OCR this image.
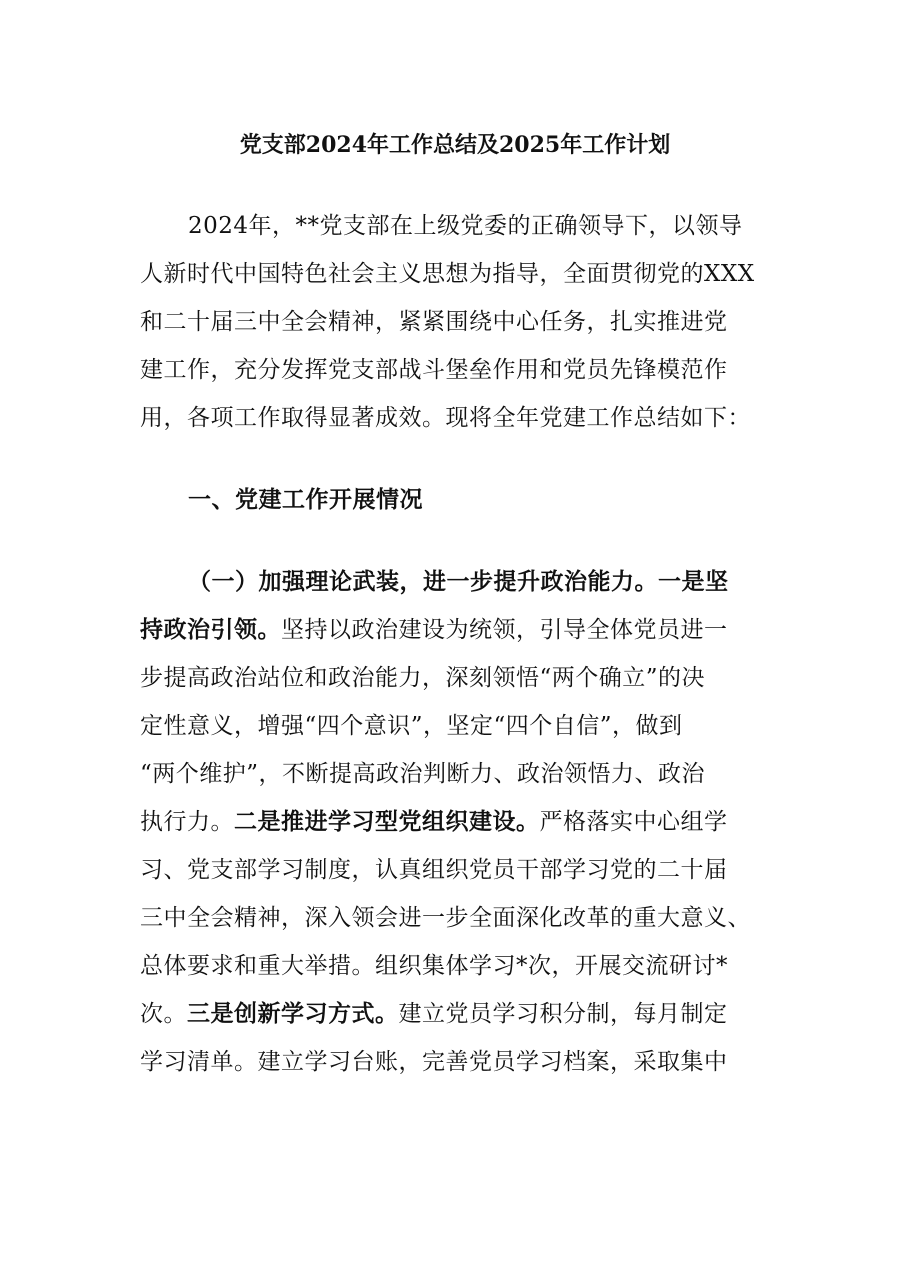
党支部2024年工作总结及2025年工作计划
2024年，**党支部在上级党委的正确领导下，以领导
人新时代中国特色社会主义思想为指导，全面贯彻党的XXX
和二十届三中全会精神，紧紧围绕中心任务，扎实推进党
建工作，充分发挥党支部战斗堡垒作用和党员先锋模范作
用，各项工作取得显著成效。现将全年党建工作总结如下：
一、党建工作开展情况
（一）加强理论武装，进一步提升政治能力。一是坚
持政治引领。坚持以政治建设为统领，引导全体党员进一
步提高政治站位和政治能力，深刻领悟“两个确立”的决
定性意义，增强“四个意识”，坚定“四个自信”，做到
“两个维护”，不断提高政治判断力、政治领悟力、政治
执行力。二是推进学习型党组织建设。严格落实中心组学
习、党支部学习制度，认真组织党员干部学习党的二十届
三中全会精神，深入领会进一步全面深化改革的重大意义、
总体要求和重大举措。组织集体学习*次，开展交流研讨*
次。三是创新学习方式。建立党员学习积分制，每月制定
学习清单。建立学习台账，完善党员学习档案，采取集中
